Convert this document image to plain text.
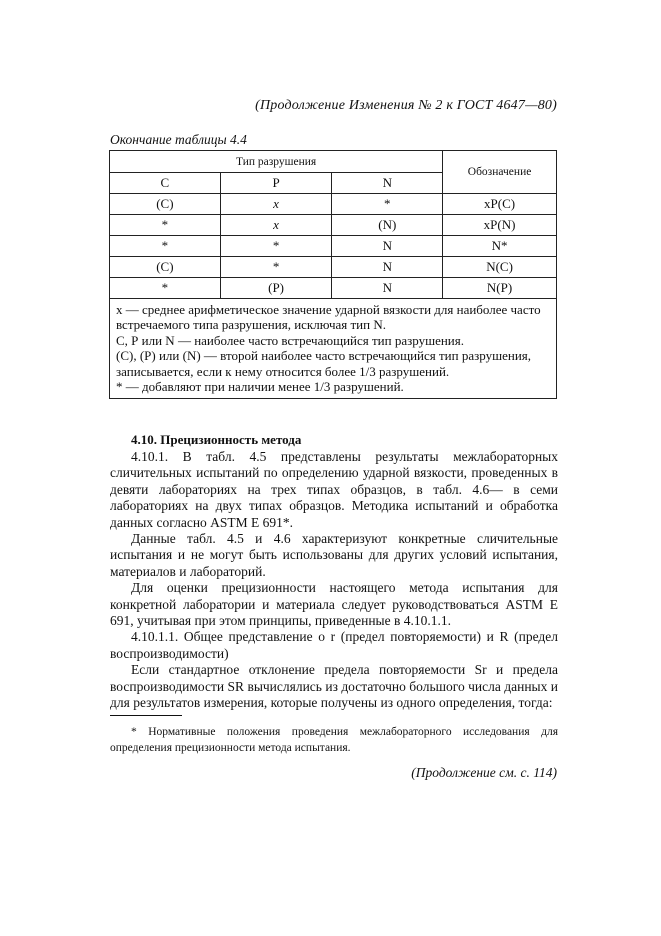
(Продолжение Изменения № 2 к ГОСТ 4647—80)
Окончание таблицы 4.4
Тип разрушения			Обозначение
С	Р	N	
(С)	x	*	xP(С)
*	x	(N)	xP(N)
*	*	N	N*
(С)	*	N	N(С)
*	(Р)	N	N(Р)

x — среднее арифметическое значение ударной вязкости для наиболее часто встречаемого типа разрушения, исключая тип N.
С, Р или N — наиболее часто встречающийся тип разрушения.
(С), (Р) или (N) — второй наиболее часто встречающийся тип разрушения, записывается, если к нему относится более 1/3 разрушений.
* — добавляют при наличии менее 1/3 разрушений.			
4.10. Прецизионность метода

4.10.1. В табл. 4.5 представлены результаты межлабораторных сличительных испытаний по определению ударной вязкости, проведенных в девяти лабораториях на трех типах образцов, в табл. 4.6— в семи лабораториях на двух типах образцов. Методика испытаний и обработка данных согласно ASTM E 691*.

Данные табл. 4.5 и 4.6 характеризуют конкретные сличительные испытания и не могут быть использованы для других условий испытания, материалов и лабораторий.

Для оценки прецизионности настоящего метода испытания для конкретной лаборатории и материала следует руководствоваться ASTM E 691, учитывая при этом принципы, приведенные в 4.10.1.1.

4.10.1.1. Общее представление о r (предел повторяемости) и R (предел воспроизводимости)

Если стандартное отклонение предела повторяемости Sr и предела воспроизводимости SR вычислялись из достаточно большого числа данных и для результатов измерения, которые получены из одного определения, тогда:

* Нормативные положения проведения межлабораторного исследования для определения прецизионности метода испытания.
(Продолжение см. с. 114)
